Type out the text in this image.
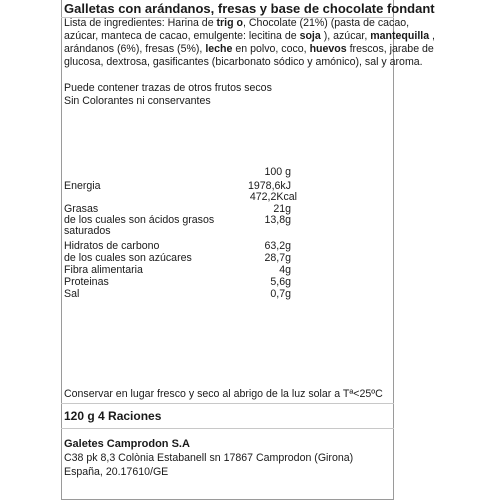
Galletas con arándanos, fresas y base de chocolate fondant
Lista de ingredientes: Harina de trig o, Chocolate (21%) (pasta de cacao,
azúcar, manteca de cacao, emulgente: lecitina de soja ), azúcar, mantequilla ,
arándanos (6%), fresas (5%), leche en polvo, coco, huevos frescos, jarabe de
glucosa, dextrosa, gasificantes (bicarbonato sódico y amónico), sal y aroma.
Puede contener trazas de otros frutos secos
Sin Colorantes ni conservantes
100 g
Energia	1978,6kJ
472,2Kcal
Grasas	21g
de los cuales son ácidos grasos	13,8g
saturados
Hidratos de carbono	63,2g
de los cuales son azúcares	28,7g
Fibra alimentaria	4g
Proteinas	5,6g
Sal	0,7g
Conservar en lugar fresco y seco al abrigo de la luz solar a Tª<25ºC
120 g 4 Raciones
Galetes Camprodon S.A
C38 pk 8,3 Colònia Estabanell sn 17867 Camprodon (Girona)
España, 20.17610/GE
